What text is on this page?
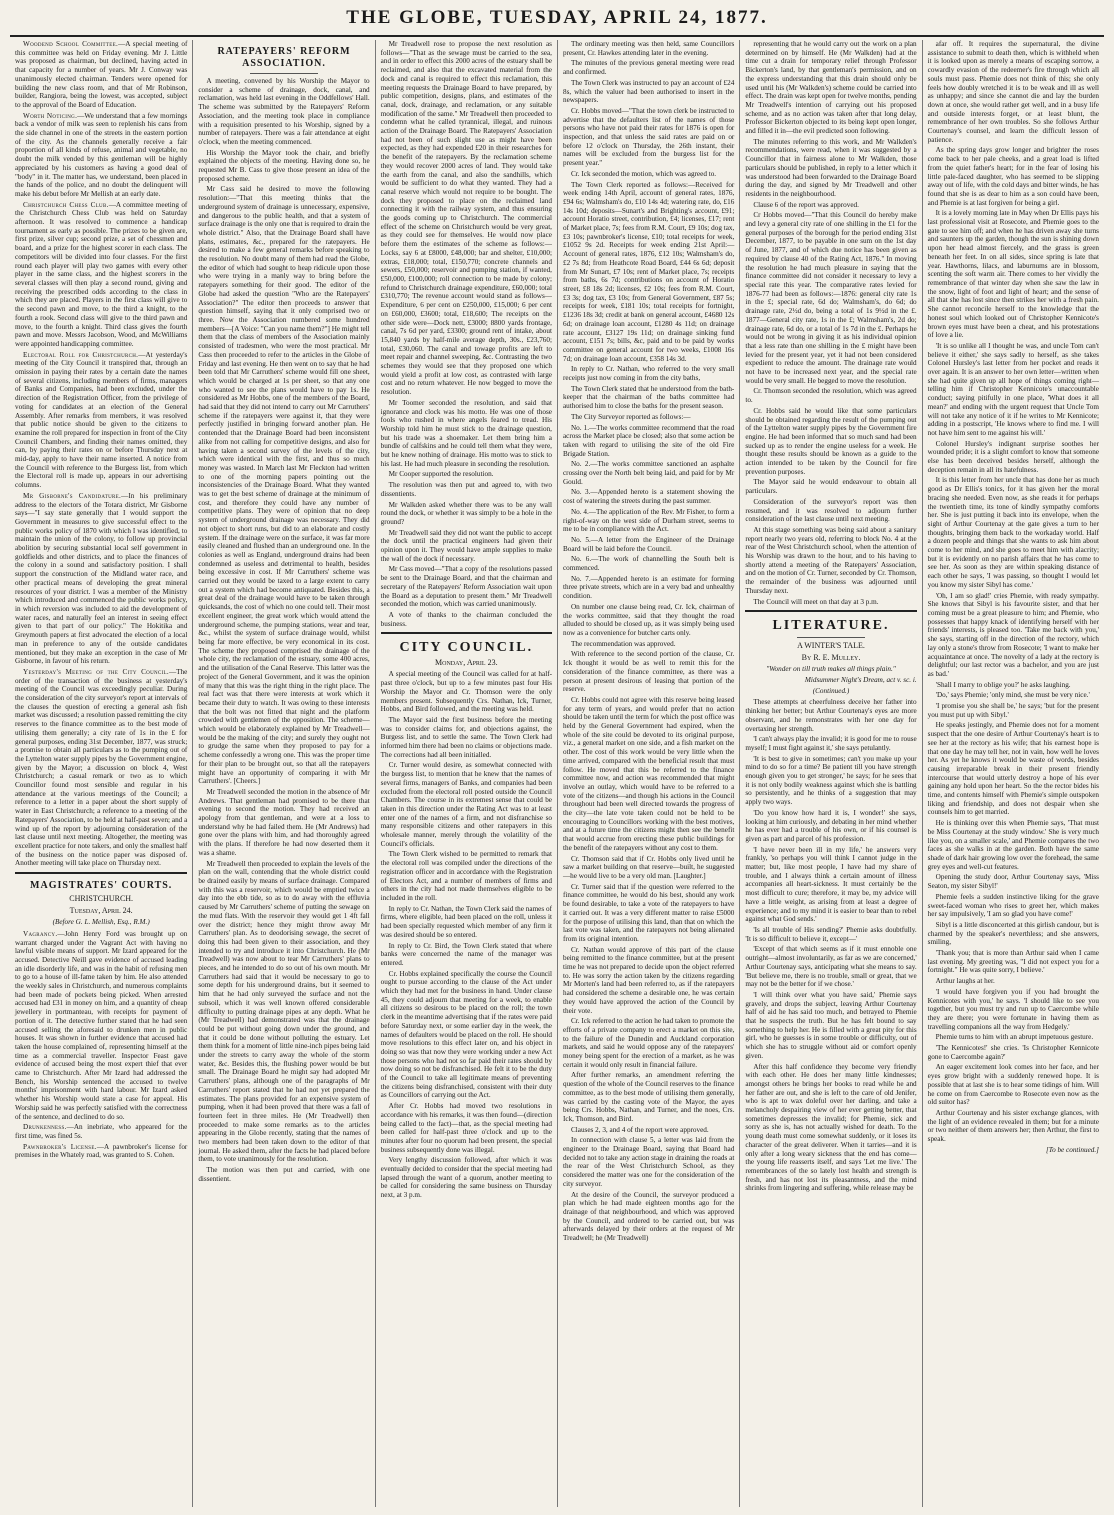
THE GLOBE, TUESDAY, APRIL 24, 1877.

Woodend School Committee.—A special meeting of this committee was held on Friday evening. Mr J. Little was proposed as chairman, but declined, having acted in that capacity for a number of years. Mr J. Conway was unanimously elected chairman. Tenders were opened for building the new class room, and that of Mr Robinson, builder, Rangiora, being the lowest, was accepted, subject to the approval of the Board of Education.

Worth Noticing.—We understand that a few mornings back a vendor of milk was seen to replenish his cans from the side channel in one of the streets in the eastern portion of the city. As the channels generally receive a fair proportion of all kinds of refuse, animal and vegetable, no doubt the milk vended by this gentleman will be highly appreciated by his customers as having a good deal of "body" in it. The matter has, we understand, been placed in the hands of the police, and no doubt the delinquent will make his debut before Mr Mellish at an early date.

Christchurch Chess Club.—A committee meeting of the Christchurch Chess Club was held on Saturday afternoon. It was resolved to commence a handicap tournament as early as possible. The prizes to be given are, first prize, silver cup; second prize, a set of chessmen and board, and a prize for the highest scorer in each class. The competitors will be divided into four classes. For the first round each player will play two games with every other player in the same class, and the highest scorers in the several classes will then play a second round, giving and receiving the prescribed odds according to the class in which they are placed. Players in the first class will give to the second pawn and move, to the third a knight, to the fourth a rook. Second class will give to the third pawn and move, to the fourth a knight. Third class gives the fourth pawn and move. Messrs Jacobson, Wood, and McWilliams were appointed handicapping committee.

Electoral Roll for Christchurch.—At yesterday's meeting of the City Council it transpired that, through an omission in paying their rates by a certain date the names of several citizens, including members of firms, managers of Banks and Companies, had been excluded, under the direction of the Registration Officer, from the privilege of voting for candidates at an election of the General Assembly. After remarks from members, it was resolved that public notice should be given to the citizens to examine the roll prepared for inspection in front of the City Council Chambers, and finding their names omitted, they can, by paying their rates on or before Thursday next at mid-day, apply to have their name inserted. A notice from the Council with reference to the Burgess list, from which the Electoral roll is made up, appears in our advertising columns.

Mr Gisborne's Candidature.—In his preliminary address to the electors of the Totara district, Mr Gisborne says—"I say state generally that I would support the Government in measures to give successful effect to the public works policy of 1870 with which I was identified, to maintain the union of the colony, to follow up provincial abolition by securing substantial local self government in goldfields and other districts, and to place the finances of the colony in a sound and satisfactory position. I shall support the construction of the Midland water race, and other practical means of developing the great mineral resources of your district. I was a member of the Ministry which introduced and commenced the public works policy, in which reversion was included to aid the development of water races, and naturally feel an interest in seeing effect given to that part of our policy." The Hokitika and Greymouth papers at first advocated the election of a local man in preference to any of the outside candidates mentioned, but they make an exception in the case of Mr Gisborne, in favour of his return.

Yesterday's Meeting of the City Council.—The order of the transaction of the business at yesterday's meeting of the Council was exceedingly peculiar. During the consideration of the city surveyor's report at intervals of the clauses the question of erecting a general ash fish market was discussed; a resolution passed remitting the city reserves to the finance committee as to the best mode of utilising them generally; a city rate of 1s in the £ for general purposes, ending 31st December, 1877, was struck; a promise to obtain all particulars as to the pumping out of the Lyttelton water supply pipes by the Government engine, given by the Mayor; a discussion on block 4, West Christchurch; a casual remark or two as to which Councillor found most sensible and regular in his attendance at the various meetings of the Council; a reference to a letter in a paper about the short supply of water in East Christchurch; a reference to a meeting of the Ratepayers' Association, to be held at half-past seven; and a wind up of the report by adjourning consideration of the last clause until next meeting. Altogether, the meeting was excellent practice for note takers, and only the smallest half of the business on the notice paper was disposed of. Another meeting will take place on Thursday next.

MAGISTRATES' COURTS.
CHRISTCHURCH.
Tuesday, April 24.
(Before G. L. Mellish, Esq., R.M.)

Vagrancy.—John Henry Ford was brought up on warrant charged under the Vagrant Act with having no lawful visible means of support. Mr Izard appeared for the accused. Detective Neill gave evidence of accused leading an idle disorderly life, and was in the habit of refusing men to go to a house of ill-fame taken by him. He also attended the weekly sales in Christchurch, and numerous complaints had been made of pockets being picked. When arrested accused had £31 in money on him, and a quantity of cheap jewellery in portmanteau, with receipts for payment of portion of it. The detective further stated that he had seen accused selling the aforesaid to drunken men in public houses. It was shown in further evidence that accused had taken the house complained of, representing himself at the time as a commercial traveller. Inspector Feast gave evidence of accused being the most expert thief that ever came to Christchurch. After Mr Izard had addressed the Bench, his Worship sentenced the accused to twelve months' imprisonment with hard labour. Mr Izard asked whether his Worship would state a case for appeal. His Worship said he was perfectly satisfied with the correctness of the sentence, and declined to do so.

Drunkenness.—An inebriate, who appeared for the first time, was fined 5s.

Pawnbroker's License.—A pawnbroker's license for premises in the Whately road, was granted to S. Cohen.

RATEPAYERS' REFORM ASSOCIATION.

A meeting, convened by his Worship the Mayor to consider a scheme of drainage, dock, canal, and reclamation, was held last evening in the Oddfellows' Hall. The scheme was submitted by the Ratepayers' Reform Association, and the meeting took place in compliance with a requisition presented to his Worship, signed by a number of ratepayers. There was a fair attendance at eight o'clock, when the meeting commenced.

His Worship the Mayor took the chair, and briefly explained the objects of the meeting. Having done so, he requested Mr B. Cass to give those present an idea of the proposed scheme.

Mr Cass said he desired to move the following resolution:—"That this meeting thinks that the underground system of drainage is unnecessary, expensive, and dangerous to the public health, and that a system of surface drainage is the only one that is required to drain the whole district." Also, that the Drainage Board shall have plans, estimates, &c., prepared for the ratepayers. He desired to make a few general remarks before speaking to the resolution. No doubt many of them had read the Globe, the editor of which had sought to heap ridicule upon those who were trying in a manly way to bring before the ratepayers something for their good. The editor of the Globe had asked the question "Who are the Ratepayers' Association?" The editor then proceeds to answer that question himself, saying that it only comprised two or three. Now the Association numbered some hundred members—[A Voice: "Can you name them?"] He might tell them that the class of members of the Association mainly consisted of tradesmen, who were the most practical. Mr Cass then proceeded to refer to the articles in the Globe of Friday and last evening. He then went on to say that he had been told that Mr Carruthers' scheme would fill one sheet, which would be charged at 1s per sheet, so that any one who wanted to see the plans would have to pay 1s. He considered as Mr Hobbs, one of the members of the Board, had said that they did not intend to carry out Mr Carruthers' scheme if the ratepayers were against it, that they were perfectly justified in bringing forward another plan. He contended that the Drainage Board had been inconsistent alike from not calling for competitive designs, and also for having taken a second survey of the levels of the city, which were identical with the first, and thus so much money was wasted. In March last Mr Fleckton had written to one of the morning papers pointing out the inconsistencies of the Drainage Board. What they wanted was to get the best scheme of drainage at the minimum of cost, and therefore they could have any number of competitive plans. They were of opinion that no deep system of underground drainage was necessary. They did not object to short runs, but did to an elaborate and costly system. If the drainage were on the surface, it was far more easily cleaned and flushed than an underground one. In the colonies as well as England, underground drains had been condemned as useless and detrimental to health, besides being excessive in cost. If Mr Carruthers' scheme was carried out they would be taxed to a large extent to carry out a system which had become antiquated. Besides this, a great deal of the drainage would have to be taken through quicksands, the cost of which no one could tell. Their most excellent engineer, the great work which would attend the underground scheme, the pumping stations, wear and tear, &c., whilst the system of surface drainage would, whilst being far more effective, be very economical in its cost. The scheme they proposed comprised the drainage of the whole city, the reclamation of the estuary, some 400 acres, and the utilisation of the Canal Reserve. This latter was the project of the General Government, and it was the opinion of many that this was the right thing in the right place. The real fact was that there were interests at work which it became their duty to watch. It was owing to these interests that the bolt was not fitted that night and the platform crowded with gentlemen of the opposition. The scheme—which would be elaborately explained by Mr Treadwell—would be the making of the city; and surely they ought not to grudge the same when they proposed to pay for a scheme confessedly a wrong one. This was the proper time for their plan to be brought out, so that all the ratepayers might have an opportunity of comparing it with Mr Carruthers'. [Cheers.]

Mr Treadwell seconded the motion in the absence of Mr Andrews. That gentleman had promised to be there that evening to second the motion. They had received an apology from that gentleman, and were at a loss to understand why he had failed them. He (Mr Andrews) had gone over the plans with him, and had thoroughly agreed with the plans. If therefore he had now deserted them it was a shame.

Mr Treadwell then proceeded to explain the levels of the plan on the wall, contending that the whole district could be drained easily by means of surface drainage. Compared with this was a reservoir, which would be emptied twice a day into the ebb tide, so as to do away with the effluvia caused by Mr Carruthers' scheme of putting the sewage on the mud flats. With the reservoir they would get 1 4ft fall over the district; hence they might throw away Mr Carruthers' plan. As to deodorising sewage, the secret of doing this had been given to their association, and they intended to try and introduce it into Christchurch. He (Mr Treadwell) was now about to tear Mr Carruthers' plans to pieces, and he intended to do so out of his own mouth. Mr Carruthers had said that it would be necessary to go to some depth for his underground drains, but it seemed to him that he had only surveyed the surface and not the subsoil, which it was well known offered considerable difficulty to putting drainage pipes at any depth. What he (Mr Treadwell) had demonstrated was that the drainage could be put without going down under the ground, and that it could be done without polluting the estuary. Let them think for a moment of little nine-inch pipes being laid under the streets to carry away the whole of the storm water, &c. Besides this, the flushing power would be but small. The Drainage Board he might say had adopted Mr Carruthers' plans, although one of the paragraphs of Mr Carruthers' report stated that he had not yet prepared the estimates. The plans provided for an expensive system of pumping, when it had been proved that there was a fall of fourteen feet in three miles. He (Mr Treadwell) then proceeded to make some remarks as to the articles appearing in the Globe recently, stating that the names of two members had been taken down to the editor of that journal. He asked them, after the facts he had placed before them, to vote unanimously for the resolution.

The motion was then put and carried, with one dissentient.

Mr Treadwell rose to propose the next resolution as follows—"That as the sewage must be carried to the sea, and in order to effect this 2000 acres of the estuary shall be reclaimed, and also that the excavated material from the dock and canal is required to effect this reclamation, this meeting requests the Drainage Board to have prepared, by public competition, designs, plans, and estimates of the canal, dock, drainage, and reclamation, or any suitable modification of the same." Mr Treadwell then proceeded to condemn what he called tyrannical, illegal, and ruinous action of the Drainage Board. The Ratepayers' Association had not been of such slight use as might have been expected, as they had expended £20 in their researches for the benefit of the ratepayers. By the reclamation scheme they would recover 2000 acres of land. They would take the earth from the canal, and also the sandhills, which would be sufficient to do what they wanted. They had a canal reserve which would not require to be bought. The dock they proposed to place on the reclaimed land connecting it with the railway system, and thus ensuring the goods coming up to Christchurch. The commercial effect of the scheme on Christchurch would be very great, as they could see for themselves. He would now place before them the estimates of the scheme as follows:—Locks, say 6 at £8000, £48,000; bar and shelter, £10,000; extras, £18,000; total, £150,770; concrete channels and sewers, £50,000; reservoir and pumping station, if wanted, £50,000, £100,000; roll connection to be made by colony; refund to Christchurch drainage expenditure, £60,000; total £310,770; The revenue account would stand as follows—Expenditure, 6 per cent on £250,000, £15,000; 6 per cent on £60,000, £3600; total, £18,600; The receipts on the other side were—Dock nett, £3000; 8800 yards frontage, canal, 7s 6d per yard, £3300; ground rent of intake, about 15,840 yards by half-mile average depth, 30s., £23,760; total, £30,060. The canal and towage profits are left to meet repair and channel sweeping, &c. Contrasting the two schemes they would see that they proposed one which would yield a profit at low cost, as contrasted with large cost and no return whatever. He now begged to move the resolution.

Mr Toomer seconded the resolution, and said that ignorance and clock was his motto. He was one of those fools who rushed in where angels feared to tread. His Worship told him he must stick to the drainage question, but his trade was a shoemaker. Let them bring him a bundle of calfskins and he could tell them what they were, but he knew nothing of drainage. His motto was to stick to his last. He had much pleasure in seconding the resolution.

Mr Cooper supported the resolution.

The resolution was then put and agreed to, with two dissentients.

Mr Walkden asked whether there was to be any wall round the dock, or whether it was simply to be a hole in the ground?

Mr Treadwell said they did not want the public to accept the dock until the practical engineers had given their opinion upon it. They would have ample supplies to make the wall of the dock if necessary.

Mr Cass moved—"That a copy of the resolutions passed be sent to the Drainage Board, and that the chairman and secretary of the Ratepayers' Reform Association wait upon the Board as a deputation to present them." Mr Treadwell seconded the motion, which was carried unanimously.

A vote of thanks to the chairman concluded the business.

CITY COUNCIL.
Monday, April 23.

A special meeting of the Council was called for at half-past three o'clock, but up to a few minutes past four His Worship the Mayor and Cr. Thomson were the only members present. Subsequently Crs. Nathan, Ick, Turner, Hobbs, and Bird followed, and the meeting was held.

The Mayor said the first business before the meeting was to consider claims for, and objections against, the Burgess list, and to settle the same. The Town Clerk had informed him there had been no claims or objections made. The corrections had all been initialled.

Cr. Turner would desire, as somewhat connected with the burgess list, to mention that he knew that the names of several firms, managers of Banks, and companies had been excluded from the electoral roll posted outside the Council Chambers. The course in its extremest sense that could be taken in this direction under the Rating Act was to at least enter one of the names of a firm, and not disfranchise so many responsible citizens and other ratepayers in this wholesale manner, merely through the volatility of the Council's officials.

The Town Clerk wished to be permitted to remark that the electoral roll was compiled under the directions of the registration officer and in accordance with the Registration of Electors Act, and a number of members of firms and others in the city had not made themselves eligible to be included in the roll.

In reply to Cr. Nathan, the Town Clerk said the names of firms, where eligible, had been placed on the roll, unless it had been specially requested which member of any firm it was desired should be so entered.

In reply to Cr. Bird, the Town Clerk stated that where banks were concerned the name of the manager was entered.

Cr. Hobbs explained specifically the course the Council ought to pursue according to the clause of the Act under which they had met for the business in hand. Under clause 45, they could adjourn that meeting for a week, to enable all citizens so desirous to be placed on the roll; the town clerk in the meantime advertising that if the rates were paid before Saturday next, or some earlier day in the week, the names of defaulters would be placed on the roll. He should move resolutions to this effect later on, and his object in doing so was that now they were working under a new Act those persons who had not so far paid their rates should by now doing so not be disfranchised. He felt it to be the duty of the Council to take all legitimate means of preventing the citizens being disfranchised, consistent with their duty as Councillors of carrying out the Act.

After Cr. Hobbs had moved two resolutions in accordance with his remarks, it was then found—(direction being called to the fact)—that, as the special meeting had been called for half-past three o'clock and up to the minutes after four no quorum had been present, the special business subsequently done was illegal.

Very lengthy discussion followed, after which it was eventually decided to consider that the special meeting had lapsed through the want of a quorum, another meeting to be called for considering the same business on Thursday next, at 3 p.m.

The ordinary meeting was then held, same Councillors present, Cr. Hawkes attending later in the evening.

The minutes of the previous general meeting were read and confirmed.

The Town Clerk was instructed to pay an account of £24 8s, which the valuer had been authorised to insert in the newspapers.

Cr. Hobbs moved—"That the town clerk be instructed to advertise that the defaulters list of the names of those persons who have not paid their rates for 1876 is open for inspection, and that unless the said rates are paid on or before 12 o'clock on Thursday, the 26th instant, their names will be excluded from the burgess list for the present year."

Cr. Ick seconded the motion, which was agreed to.

The Town Clerk reported as follows:—Received for week ending 14th April, account of general rates, 1876, £94 6s; Walmsham's do, £10 14s 4d; watering rate, do, £16 14s 10d; deposits—Sunart's and Brighting's account, £91; account Horatio street, contribution, £4; licenses, £17; rent of Market place, 7s; fees from R.M. Court, £9 10s; dog tax, £3 10s; pawnbroker's license, £10; total receipts for week, £1052 9s 2d. Receipts for week ending 21st April:—Account of general rates, 1876, £12 10s; Walmsham's do, £2 7s 8d; from Heathcote Road Board, £44 6s 6d; deposit from Mr Sunart, £7 10s; rent of Market place, 7s; receipts from baths, 6s 7d; contributions on account of Horatio street, £8 18s 2d; licenses, £2 10s; fees from R.M. Court, £3 3s; dog tax, £3 10s; from General Government, £87 5s; receipts for week, £181 10s; total receipts for fortnight, £1236 18s 3d; credit at bank on general account, £4680 12s 6d; on drainage loan account, £1280 4s 11d; on drainage rate account, £3127 19s 11d; on drainage sinking fund account, £151 7s; bills, &c, paid and to be paid by works committee on general account for two weeks, £1008 16s 7d; on drainage loan account, £358 14s 3d.

In reply to Cr. Nathan, who referred to the very small receipts just now coming in from the city baths,

The Town Clerk stated that he understood from the bath-keeper that the chairman of the baths committee had authorised him to close the baths for the present season.

The City Surveyor reported as follows:—

No. 1.—The works committee recommend that the road across the Market place be closed; also that some action be taken with regard to utilising the site of the old Fire Brigade Station.

No. 2.—The works committee sanctioned an asphalte crossing over the North belt being laid, and paid for by Mr Gould.

No. 3.—Appended hereto is a statement showing the cost of watering the streets during the past summer.

No. 4.—The application of the Rev. Mr Fisher, to form a right-of-way on the west side of Durham street, seems to me to be in compliance with the Act.

No. 5.—A letter from the Engineer of the Drainage Board will be laid before the Council.

No. 6.—The work of channelling the South belt is commenced.

No. 7.—Appended hereto is an estimate for forming three private streets, which are in a very bad and unhealthy condition.

On number one clause being read, Cr. Ick, chairman of the works committee, said that they thought the road alluded to should be closed up, as it was simply being used now as a convenience for butcher carts only.

The recommendation was approved.

With reference to the second portion of the clause, Cr. Ick thought it would be as well to remit this for the consideration of the finance committee, as there was a person at present desirous of leasing that portion of the reserve.

Cr. Hobbs could not agree with this reserve being leased for any term of years, and would prefer that no action should be taken until the term for which the post office was held by the General Government had expired, when the whole of the site could be devoted to its original purpose, viz., a general market on one side, and a fish market on the other. The cost of this work would be very little when the time arrived, compared with the beneficial result that must follow. He moved that this be referred to the finance committee now, and action was recommended that might involve an outlay, which would have to be referred to a vote of the citizens—and though his actions in the Council throughout had been well directed towards the progress of the city—the late vote taken could not be held to be encouraging to Councillors working with the best motives, and at a future time the citizens might then see the benefit that would accrue from erecting these public buildings for the benefit of the ratepayers without any cost to them.

Cr. Thomson said that if Cr. Hobbs only lived until he saw a market building on that reserve—built, he suggested—he would live to be a very old man. [Laughter.]

Cr. Turner said that if the question were referred to the finance committee, he would do his best, should any work be found desirable, to take a vote of the ratepayers to have it carried out. It was a very different matter to raise £5000 for the purpose of utilising this land, than that on which the last vote was taken, and the ratepayers not being alienated from its original intention.

Cr. Nathan would approve of this part of the clause being remitted to the finance committee, but at the present time he was not prepared to decide upon the object referred to. He was sorry the action taken by the citizens regarding Mr Morten's land had been referred to, as if the ratepayers had considered the scheme a desirable one, he was certain they would have approved the action of the Council by their vote.

Cr. Ick referred to the action he had taken to promote the efforts of a private company to erect a market on this site, to the failure of the Dunedin and Auckland corporation markets, and said he would oppose any of the ratepayers' money being spent for the erection of a market, as he was certain it would only result in financial failure.

After further remarks, an amendment referring the question of the whole of the Council reserves to the finance committee, as to the best mode of utilising them generally, was carried by the casting vote of the Mayor, the ayes being Crs. Hobbs, Nathan, and Turner, and the noes, Crs. Ick, Thomson, and Bird.

Clauses 2, 3, and 4 of the report were approved.

In connection with clause 5, a letter was laid from the engineer to the Drainage Board, saying that Board had decided not to take any action stage in draining the roads at the rear of the West Christchurch School, as they considered the matter was one for the consideration of the city surveyor.

At the desire of the Council, the surveyor produced a plan which he had made eighteen months ago for the drainage of that neighbourhood, and which was approved by the Council, and ordered to be carried out, but was afterwards delayed by their orders at the request of Mr Treadwell; he (Mr Treadwell)

representing that he would carry out the work on a plan determined on by himself. He (Mr Walkden) had at the time cut a drain for temporary relief through Professor Bickerton's land, by that gentleman's permission, and on the express understanding that this drain should only be used until his (Mr Walkden's) scheme could be carried into effect. The drain was kept open for twelve months, pending Mr Treadwell's intention of carrying out his proposed scheme, and as no action was taken after that long delay, Professor Bickerton objected to its being kept open longer, and filled it in—the evil predicted soon following.

The minutes referring to this work, and Mr Walkden's recommendations, were read, when it was suggested by a Councillor that in fairness alone to Mr Walkden, those particulars should be published, in reply to a letter which it was understood had been forwarded to the Drainage Board during the day, and signed by Mr Treadwell and other residents in the neighbourhood.

Clause 6 of the report was approved.

Cr Hobbs moved—"That this Council do hereby make and levy a general city rate of one shilling in the £1 for the general purposes of the borough for the period ending 31st December, 1877, to be payable in one sum on the 1st day of June, 1877, and of which due notice has been given as required by clause 40 of the Rating Act, 1876." In moving the resolution he had much pleasure in saying that the finance committee did not consider it necessary to levy a special rate this year. The comparative rates levied for 1876-77 had been as follows:—1876: general city rate 1s in the £; special rate, 6d do; Walmsham's, do 6d; do drainage rate, 2½d do, being a total of 1s 9½d in the £. 1877—General city rate, 1s in the £; Walmsham's, 2d do; drainage rate, 6d do, or a total of 1s 7d in the £. Perhaps he would not be wrong in giving it as his individual opinion that a less rate than one shilling in the £ might have been levied for the present year, yet it had not been considered expedient to reduce the amount. The drainage rate would not have to be increased next year, and the special rate would be very small. He begged to move the resolution.

Cr. Thomson seconded the resolution, which was agreed to.

Cr. Hobbs said he would like that some particulars should be obtained regarding the result of the pumping out of the Lyttelton water supply pipes by the Government fire engine. He had been informed that so much sand had been sucked up as to render the engine useless for a week. He thought these results should be known as a guide to the action intended to be taken by the Council for fire prevention purposes.

The Mayor said he would endeavour to obtain all particulars.

Consideration of the surveyor's report was then resumed, and it was resolved to adjourn further consideration of the last clause until next meeting.

At this stage something was being said about a sanitary report nearly two years old, referring to block No. 4 at the rear of the West Christchurch school, when the attention of his Worship was drawn to the hour, and to his having to shortly attend a meeting of the Ratepayers' Association, and on the motion of Cr. Turner, seconded by Cr. Thomson, the remainder of the business was adjourned until Thursday next.

The Council will meet on that day at 3 p.m.

LITERATURE.
A WINTER'S TALE.
By R. E. Mulley.
"Wonder on till truth makes all things plain."
Midsummer Night's Dream, act v. sc. i.
(Continued.)

These attempts at cheerfulness deceive her father into thinking her better; but Arthur Courtenay's eyes are more observant, and he remonstrates with her one day for overtaxing her strength.

'I can't always play the invalid; it is good for me to rouse myself; I must fight against it,' she says petulantly.

'It is best to give in sometimes; can't you make up your mind to do so for a time? Be patient till you have strength enough given you to get stronger,' he says; for he sees that it is not only bodily weakness against which she is battling so persistently, and he thinks of a suggestion that may apply two ways.

'Do you know how hard it is, I wonder!' she says, looking at him curiously, and debating in her mind whether he has ever had a trouble of his own, or if his counsel is given as part and parcel of his profession.

'I have never been ill in my life,' he answers very frankly, 'so perhaps you will think I cannot judge in the matter; but, like most people, I have had my share of trouble, and I always think a certain amount of illness accompanies all heart-sickness. It must certainly be the most difficult to cure; therefore, it may be, my advice will have a little weight, as arising from at least a degree of experience; and to my mind it is easier to bear than to rebel against what God sends.'

'Is all trouble of His sending?' Phemie asks doubtfully. 'It is so difficult to believe it, except—'

'Except of that which seems as if it must ennoble one outright—almost involuntarily, as far as we are concerned,' Arthur Courtenay says, anticipating what she means to say. 'But believe me, there is no trouble, small or great, that we may not be the better for if we chose.'

'I will think over what you have said,' Phemie says gravely, and drops the subject, leaving Arthur Courtenay half of aid he has said too much, and betrayed to Phemie that he suspects the truth. But he has felt bound to say something to help her. He is filled with a great pity for this girl, who he guesses is in some trouble or difficulty, out of which she has to struggle without aid or comfort openly given.

After this half confidence they become very friendly with each other. He does her many little kindnesses; amongst others he brings her books to read while he and her father are out, and she is left to the care of old Jenifer, who is apt to wax doleful over her darling, and take a melancholy despairing view of her ever getting better, that sometimes depresses the invalid; for Phemie, sick and sorry as she is, has not actually wished for death. To the young death must come somewhat suddenly, or it loses its character of the great deliverer. When it tarries—and it is only after a long weary sickness that the end has come—the young life reasserts itself, and says 'Let me live.' The remembrances of the so lately lost health and strength is fresh, and has not lost its pleasantness, and the mind shrinks from lingering and suffering, while release may be

afar off. It requires the supernatural, the divine assistance to submit to death then, which is withheld when it is looked upon as merely a means of escaping sorrow, a cowardly evasion of the redeemer's fire through which all souls must pass. Phemie does not think of this; she only feels how doubly wretched it is to be weak and ill as well as unhappy; and since she cannot die and lay the burden down at once, she would rather get well, and in a busy life and outside interests forget, or at least blunt, the remembrance of her own troubles. So she follows Arthur Courtenay's counsel, and learn the difficult lesson of patience.

As the spring days grow longer and brighter the roses come back to her pale cheeks, and a great load is lifted from the quiet father's heart; for in the fear of losing his little pale-faced daughter, who has seemed to be slipping away out of life, with the cold days and bitter winds, he has found that she is as dear to him as a son could have been, and Phemie is at last forgiven for being a girl.

It is a lovely morning late in May when Dr Ellis pays his last professional visit at Rosecote, and Phemie goes to the gate to see him off; and when he has driven away she turns and saunters up the garden, though the sun is shining down upon her head almost fiercely, and the grass is green beneath her feet. In on all sides, since spring is late that year. Hawthorns, lilacs, and laburnums are in blossom, scenting the soft warm air. There comes to her vividly the remembrance of that winter day when she saw the law in the snow, light of foot and light of heart; and the sense of all that she has lost since then strikes her with a fresh pain. She cannot reconcile herself to the knowledge that the honest soul which looked out of Christopher Kennicote's brown eyes must have been a cheat, and his protestations of love a lie.

'It is so unlike all I thought he was, and uncle Tom can't believe it either,' she says sadly to herself, as she takes Colonel Hursley's last letter from her pocket and reads it over again. It is an answer to her own letter—written when she had quite given up all hope of things coming right—telling him if Christopher Kennicote's unaccountable conduct; saying pitifully in one place, 'What does it all mean?' and ending with the urgent request that Uncle Tom will not take any notice of it if he writes to Mr Kennicote; adding in a postscript, 'He knows where to find me. I will not have him sent to me against his will.'

Colonel Hursley's indignant surprise soothes her wounded pride; it is a slight comfort to know that someone else has been deceived besides herself, although the deception remain in all its hatefulness.

It is this letter from her uncle that has done her as much good as Dr Ellis's tonics, for it has given her the moral bracing she needed. Even now, as she reads it for perhaps the twentieth time, its tone of kindly sympathy comforts her. She is just putting it back into its envelope, when the sight of Arthur Courtenay at the gate gives a turn to her thoughts, bringing them back to the workaday world. Half a dozen people and things that she wants to ask him about come to her mind, and she goes to meet him with alacrity; but it is evidently on no parish affairs that he has come to see her. As soon as they are within speaking distance of each other he says, 'I was passing, so thought I would let you know my sister Sibyl has come.'

'Oh, I am so glad!' cries Phemie, with ready sympathy. She knows that Sibyl is his favourite sister, and that her coming must be a great pleasure to him; and Phemie, who possesses that happy knack of identifying herself with her friends' interests, is pleased too. 'Take me back with you,' she says, starting off in the direction of the rectory, which lay only a stone's throw from Rosecote; 'I want to make her acquaintance at once. The novelty of a lady at the rectory is delightful; our last rector was a bachelor, and you are just as bad.'

'Shall I marry to oblige you?' he asks laughing.

'Do,' says Phemie; 'only mind, she must be very nice.'

'I promise you she shall be,' he says; 'but for the present you must put up with Sibyl.'

He speaks jestingly, and Phemie does not for a moment suspect that the one desire of Arthur Courtenay's heart is to see her at the rectory as his wife; that his earnest hope is that one day he may tell her, not in vain, how well he loves her. As yet he knows it would be waste of words, besides causing irreparable break in their present friendly intercourse that would utterly destroy a hope of his ever gaining any hold upon her heart. So the the rector bides his time, and contents himself with Phemie's simple outspoken liking and friendship, and does not despair when she counsels him to get married.

He is thinking over this when Phemie says, 'That must be Miss Courtenay at the study window.' She is very much like you, on a smaller scale,' and Phemie compares the two faces as she walks in at the garden. Both have the same shade of dark hair growing low over the forehead, the same grey eyes and well-cut features.

Opening the study door, Arthur Courtenay says, 'Miss Seaton, my sister Sibyl!'

Phemie feels a sudden instinctive liking for the grave sweet-faced woman who rises to greet her, which makes her say impulsively, 'I am so glad you have come!'

Sibyl is a little disconcerted at this girlish candour, but is charmed by the speaker's neverthless; and she answers, smiling,

'Thank you; that is more than Arthur said when I came last evening. My greeting was, "I did not expect you for a fortnight." He was quite sorry, I believe.'

Arthur laughs at her.

'I would have forgiven you if you had brought the Kennicotes with you,' he says. 'I should like to see you together, but you must try and run up to Caercombe while they are there; you were fortunate in having them as travelling companions all the way from Hedgely.'

Phemie turns to him with an abrupt impetuous gesture.

'The Kennicotes!' she cries. 'Is Christopher Kennicote gone to Caercombe again?'

An eager excitement look comes into her face, and her eyes grow bright with a suddenly renewed hope. It is possible that at last she is to hear some tidings of him. Will he come on from Caercombe to Rosecote even now as the old suitor has?

Arthur Courtenay and his sister exchange glances, with the light of an evidence revealed in them; but for a minute or two neither of them answers her; then Arthur, the first to speak.

[To be continued.]
